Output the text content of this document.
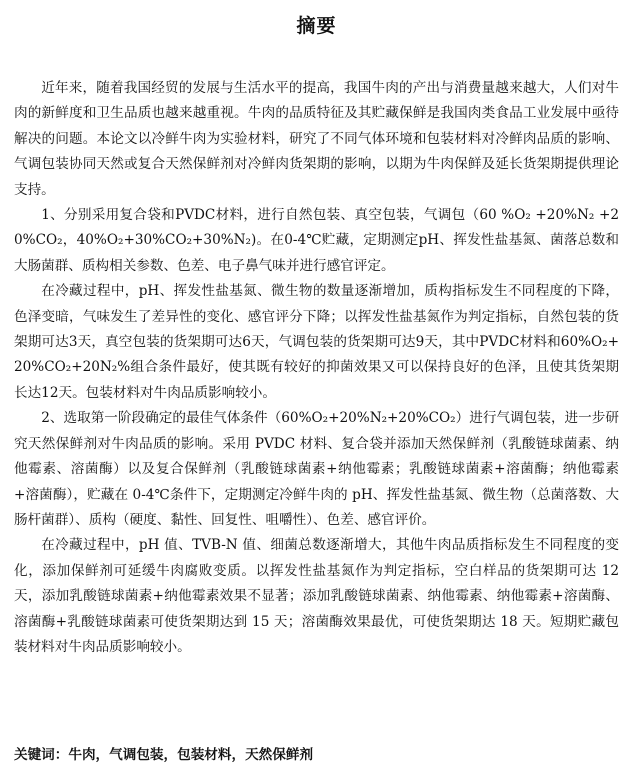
摘要

近年来，随着我国经贸的发展与生活水平的提高，我国牛肉的产出与消费量越来越大，人们对牛肉的新鲜度和卫生品质也越来越重视。牛肉的品质特征及其贮藏保鲜是我国肉类食品工业发展中亟待解决的问题。本论文以冷鲜牛肉为实验材料，研究了不同气体环境和包装材料对冷鲜肉品质的影响、气调包装协同天然或复合天然保鲜剂对冷鲜肉货架期的影响，以期为牛肉保鲜及延长货架期提供理论支持。

1、分别采用复合袋和PVDC材料，进行自然包装、真空包装，气调包（60 %O₂ +20%N₂ +20%CO₂，40%O₂+30%CO₂+30%N₂)。在0-4℃贮藏，定期测定pH、挥发性盐基氮、菌落总数和大肠菌群、质构相关参数、色差、电子鼻气味并进行感官评定。

在冷藏过程中，pH、挥发性盐基氮、微生物的数量逐渐增加，质构指标发生不同程度的下降，色泽变暗，气味发生了差异性的变化、感官评分下降；以挥发性盐基氮作为判定指标，自然包装的货架期可达3天，真空包装的货架期可达6天，气调包装的货架期可达9天，其中PVDC材料和60%O₂+20%CO₂+20N₂%组合条件最好，使其既有较好的抑菌效果又可以保持良好的色泽，且使其货架期长达12天。包装材料对牛肉品质影响较小。

2、选取第一阶段确定的最佳气体条件（60%O₂+20%N₂+20%CO₂）进行气调包装，进一步研究天然保鲜剂对牛肉品质的影响。采用 PVDC 材料、复合袋并添加天然保鲜剂（乳酸链球菌素、纳他霉素、溶菌酶）以及复合保鲜剂（乳酸链球菌素+纳他霉素；乳酸链球菌素+溶菌酶；纳他霉素+溶菌酶），贮藏在 0-4℃条件下，定期测定冷鲜牛肉的 pH、挥发性盐基氮、微生物（总菌落数、大肠杆菌群）、质构（硬度、黏性、回复性、咀嚼性）、色差、感官评价。

在冷藏过程中，pH 值、TVB-N 值、细菌总数逐渐增大，其他牛肉品质指标发生不同程度的变化，添加保鲜剂可延缓牛肉腐败变质。以挥发性盐基氮作为判定指标，空白样品的货架期可达 12 天，添加乳酸链球菌素+纳他霉素效果不显著；添加乳酸链球菌素、纳他霉素、纳他霉素+溶菌酶、溶菌酶+乳酸链球菌素可使货架期达到 15 天；溶菌酶效果最优，可使货架期达 18 天。短期贮藏包装材料对牛肉品质影响较小。

关键词：牛肉，气调包装，包装材料，天然保鲜剂
